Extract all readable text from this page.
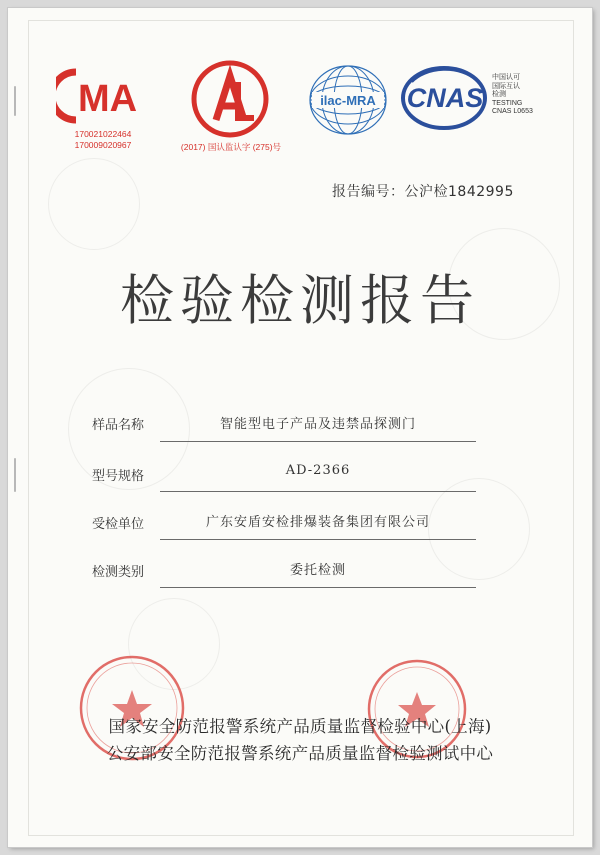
MA
170021022464
170009020967	(2017) 国认监认字 (275)号
ilac-MRA CNAS
中国认可
国际互认
检测
TESTING
CNAS L0653
报告编号：公沪检1842995
检验检测报告
样品名称	智能型电子产品及违禁品探测门
型号规格	AD-2366
受检单位	广东安盾安检排爆装备集团有限公司
检测类别	委托检测
国家安全防范报警系统产品质量监督检验中心(上海)
公安部安全防范报警系统产品质量监督检验测试中心
